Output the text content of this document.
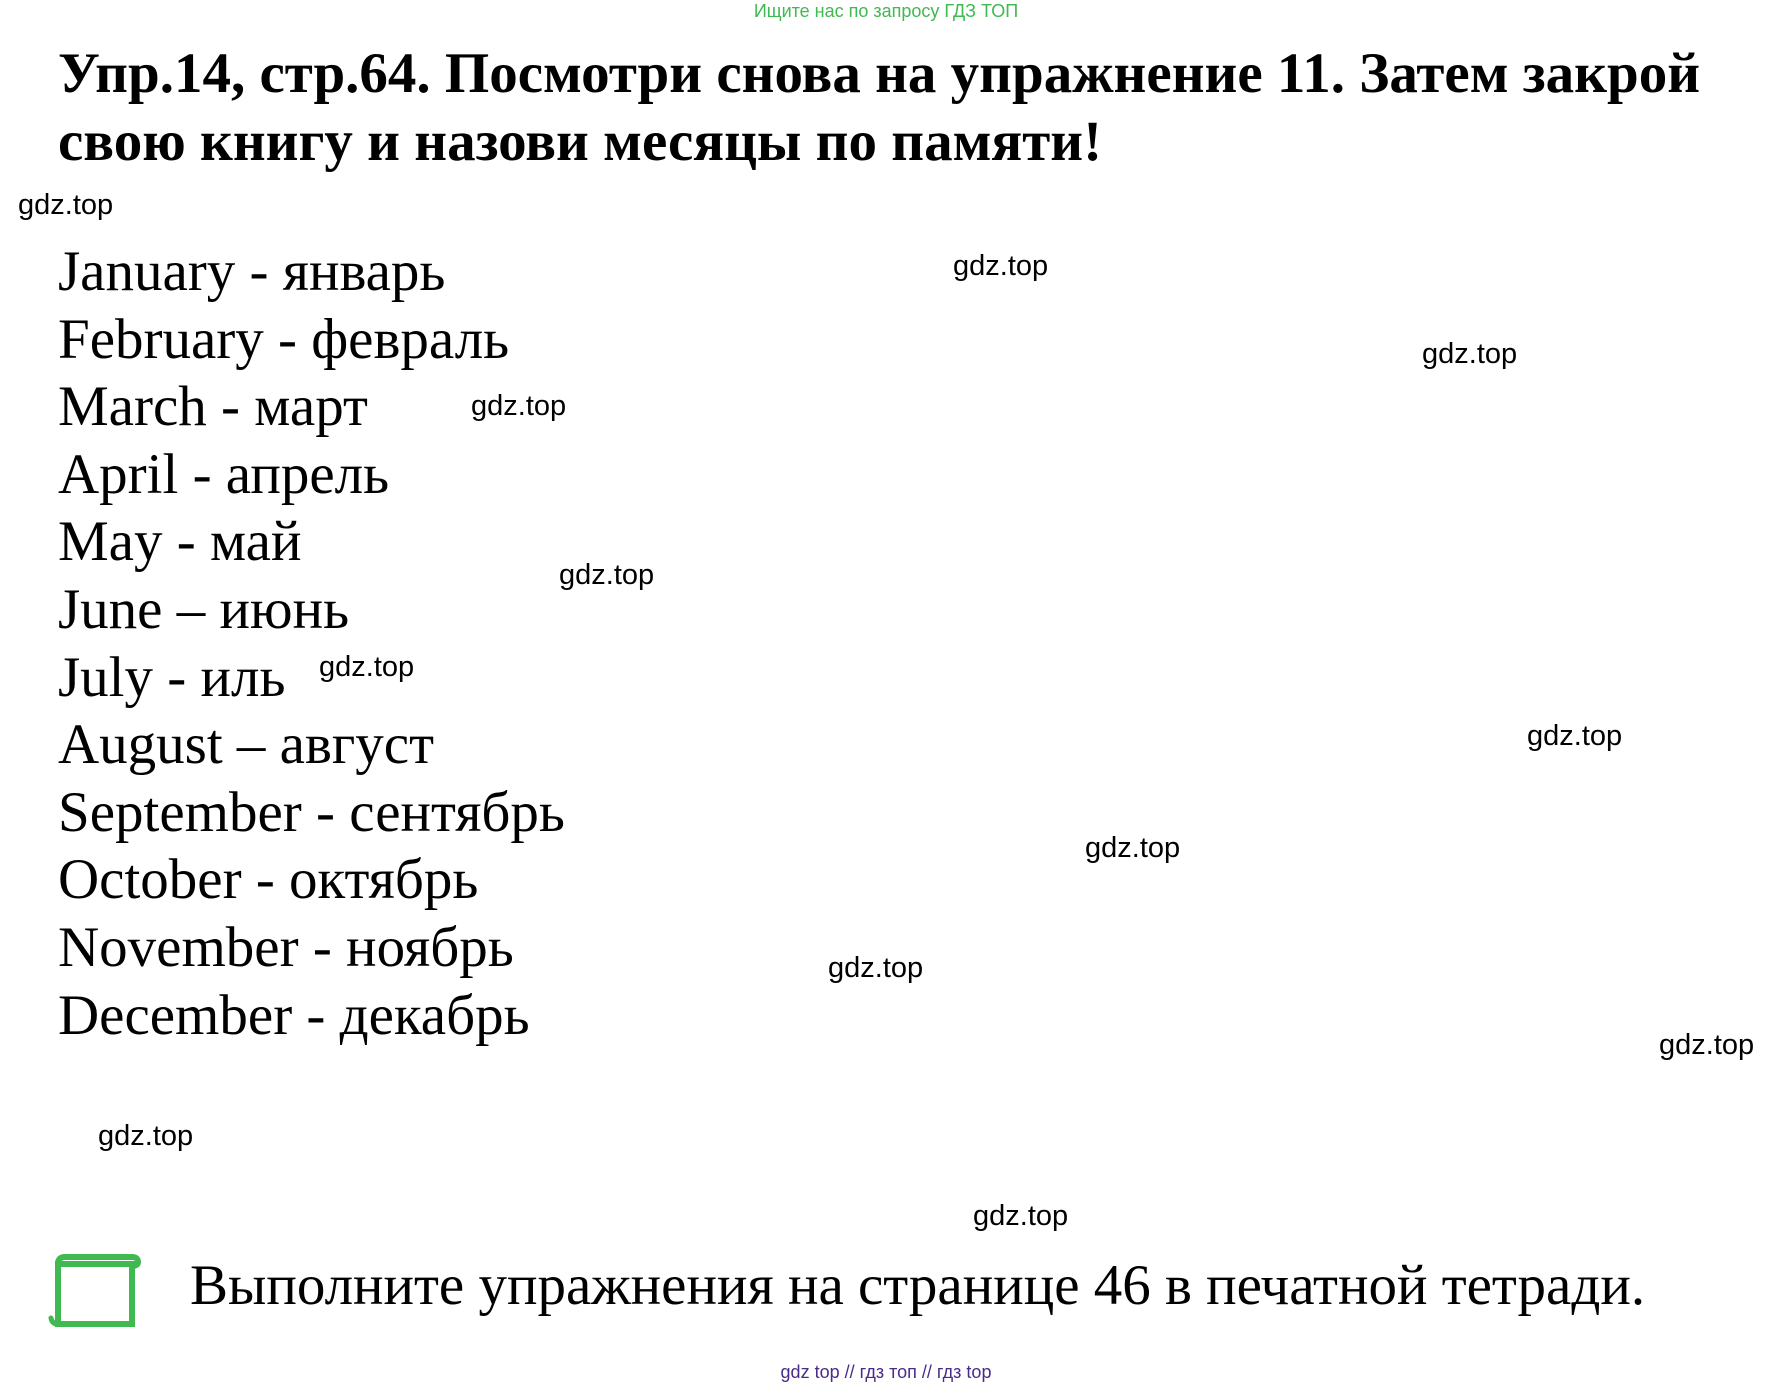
Ищите нас по запросу ГДЗ ТОП
Упр.14, стр.64. Посмотри снова на упражнение 11. Затем закрой свою книгу и назови месяцы по памяти!
January - январь
February - февраль
March - март
April - апрель
May - май
June – июнь
July - иль
August – август
September - сентябрь
October - октябрь
November - ноябрь
December - декабрь
gdz.top
gdz.top
gdz.top
gdz.top
gdz.top
gdz.top
gdz.top
gdz.top
gdz.top
gdz.top
gdz.top
gdz.top
Выполните упражнения на странице 46 в печатной тетради.
gdz top // гдз топ // гдз top
